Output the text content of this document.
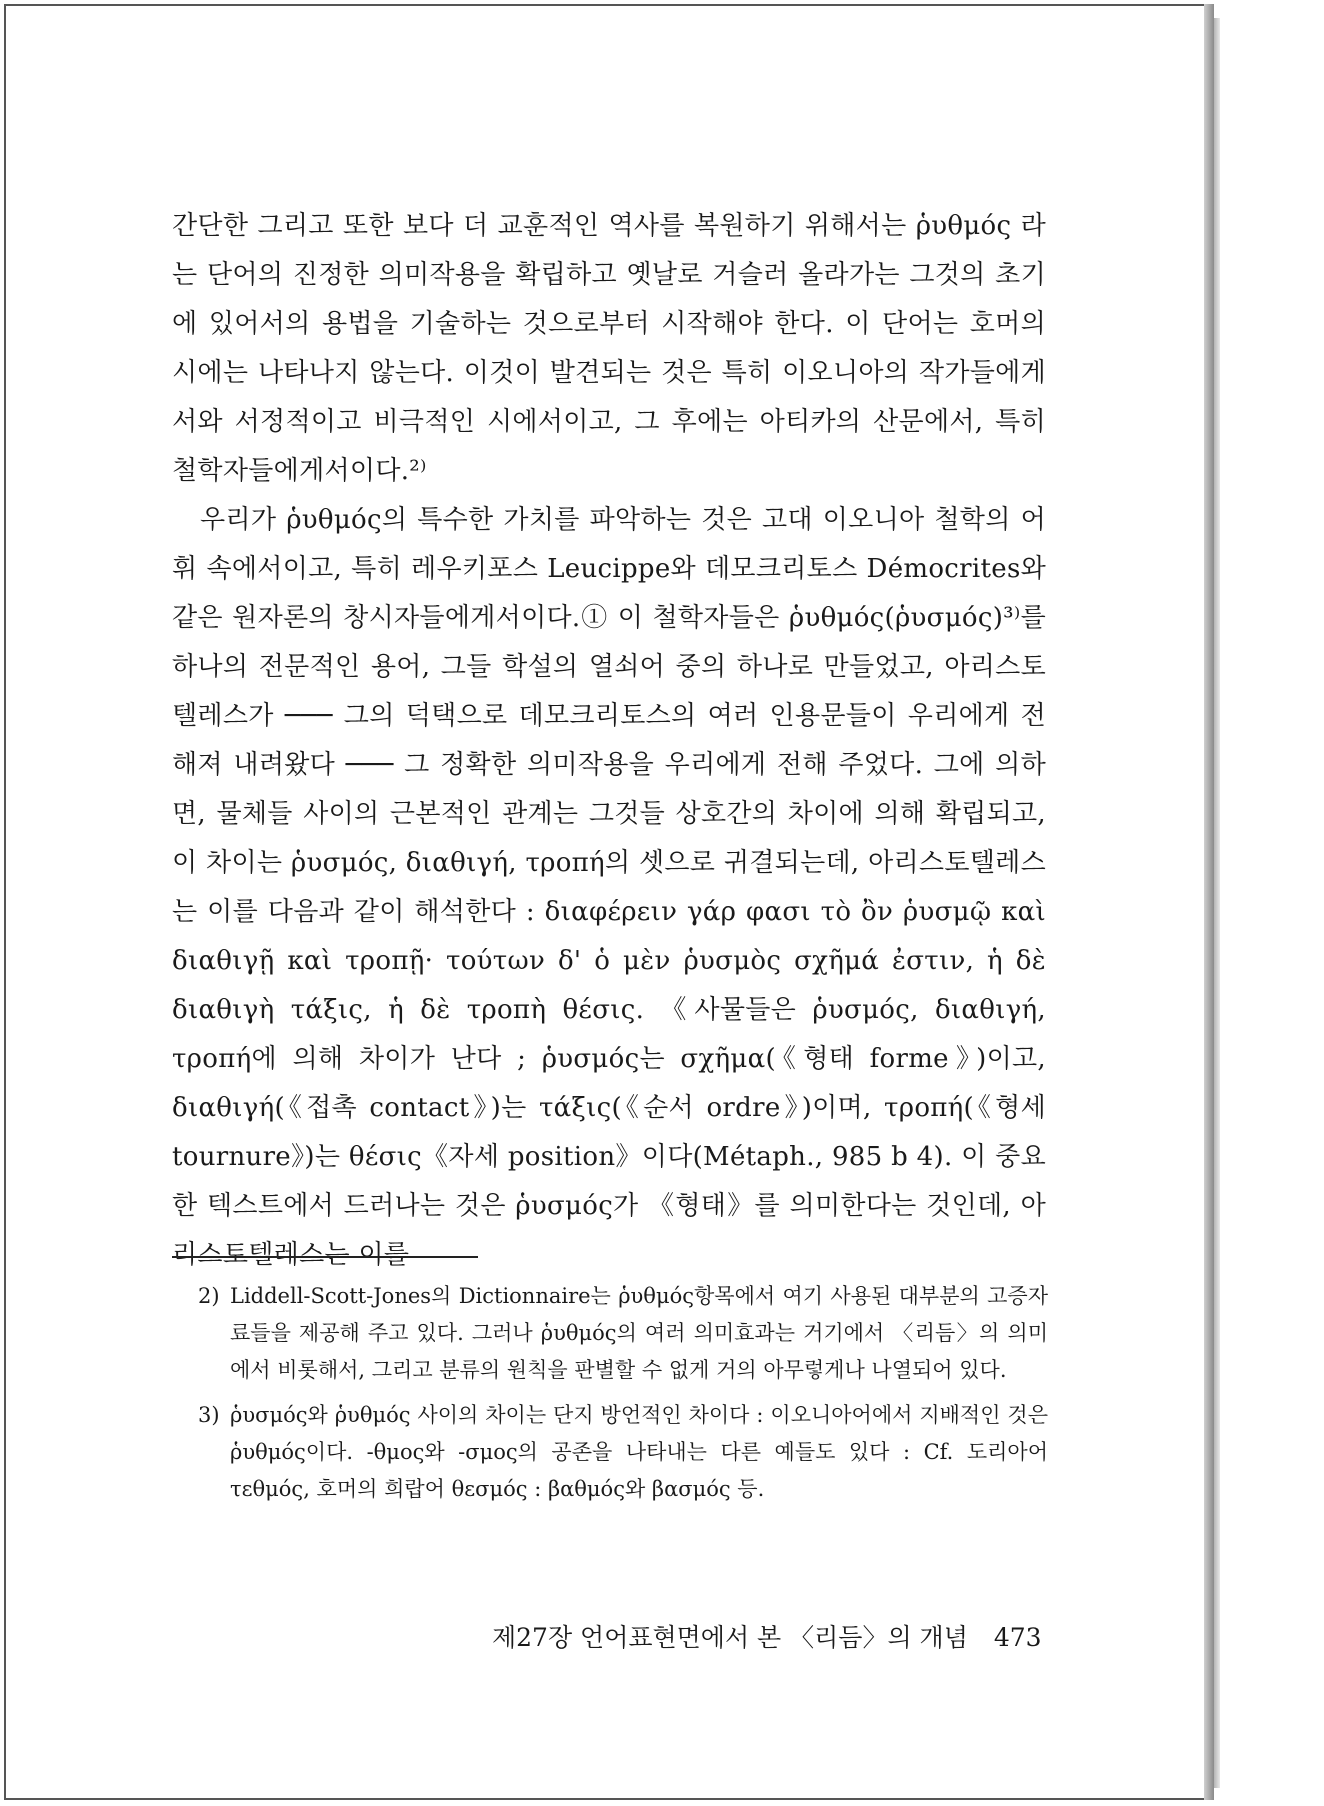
간단한 그리고 또한 보다 더 교훈적인 역사를 복원하기 위해서는 ῥυθμός 라는 단어의 진정한 의미작용을 확립하고 옛날로 거슬러 올라가는 그것의 초기에 있어서의 용법을 기술하는 것으로부터 시작해야 한다. 이 단어는 호머의 시에는 나타나지 않는다. 이것이 발견되는 것은 특히 이오니아의 작가들에게서와 서정적이고 비극적인 시에서이고, 그 후에는 아티카의 산문에서, 특히 철학자들에게서이다.²⁾

우리가 ῥυθμός의 특수한 가치를 파악하는 것은 고대 이오니아 철학의 어휘 속에서이고, 특히 레우키포스 Leucippe와 데모크리토스 Démocrites와 같은 원자론의 창시자들에게서이다.① 이 철학자들은 ῥυθμός(ῥυσμός)³⁾를 하나의 전문적인 용어, 그들 학설의 열쇠어 중의 하나로 만들었고, 아리스토텔레스가 ─── 그의 덕택으로 데모크리토스의 여러 인용문들이 우리에게 전해져 내려왔다 ─── 그 정확한 의미작용을 우리에게 전해 주었다. 그에 의하면, 물체들 사이의 근본적인 관계는 그것들 상호간의 차이에 의해 확립되고, 이 차이는 ῥυσμός, διαθιγή, τροπή의 셋으로 귀결되는데, 아리스토텔레스는 이를 다음과 같이 해석한다 : διαφέρειν γάρ φασι τὸ ὂν ῥυσμῷ καὶ διαθιγῇ καὶ τροπῇ· τούτων δ' ὁ μὲν ῥυσμὸς σχῆμά ἐστιν, ἡ δὲ διαθιγὴ τάξις, ἡ δὲ τροπὴ θέσις. 《사물들은 ῥυσμός, διαθιγή, τροπή에 의해 차이가 난다 ; ῥυσμός는 σχῆμα(《형태 forme》)이고, διαθιγή(《접촉 contact》)는 τάξις(《순서 ordre》)이며, τροπή(《형세 tournure》)는 θέσις《자세 position》이다(Métaph., 985 b 4). 이 중요한 텍스트에서 드러나는 것은 ῥυσμός가 《형태》를 의미한다는 것인데, 아리스토텔레스는 이를

2) Liddell-Scott-Jones의 Dictionnaire는 ῥυθμός항목에서 여기 사용된 대부분의 고증자료들을 제공해 주고 있다. 그러나 ῥυθμός의 여러 의미효과는 거기에서 〈리듬〉의 의미에서 비롯해서, 그리고 분류의 원칙을 판별할 수 없게 거의 아무렇게나 나열되어 있다.
3) ῥυσμός와 ῥυθμός 사이의 차이는 단지 방언적인 차이다 : 이오니아어에서 지배적인 것은 ῥυθμός이다. -θμος와 -σμος의 공존을 나타내는 다른 예들도 있다 : Cf. 도리아어 τεθμός, 호머의 희랍어 θεσμός : βαθμός와 βασμός 등.
제27장 언어표현면에서 본 〈리듬〉의 개념 473
